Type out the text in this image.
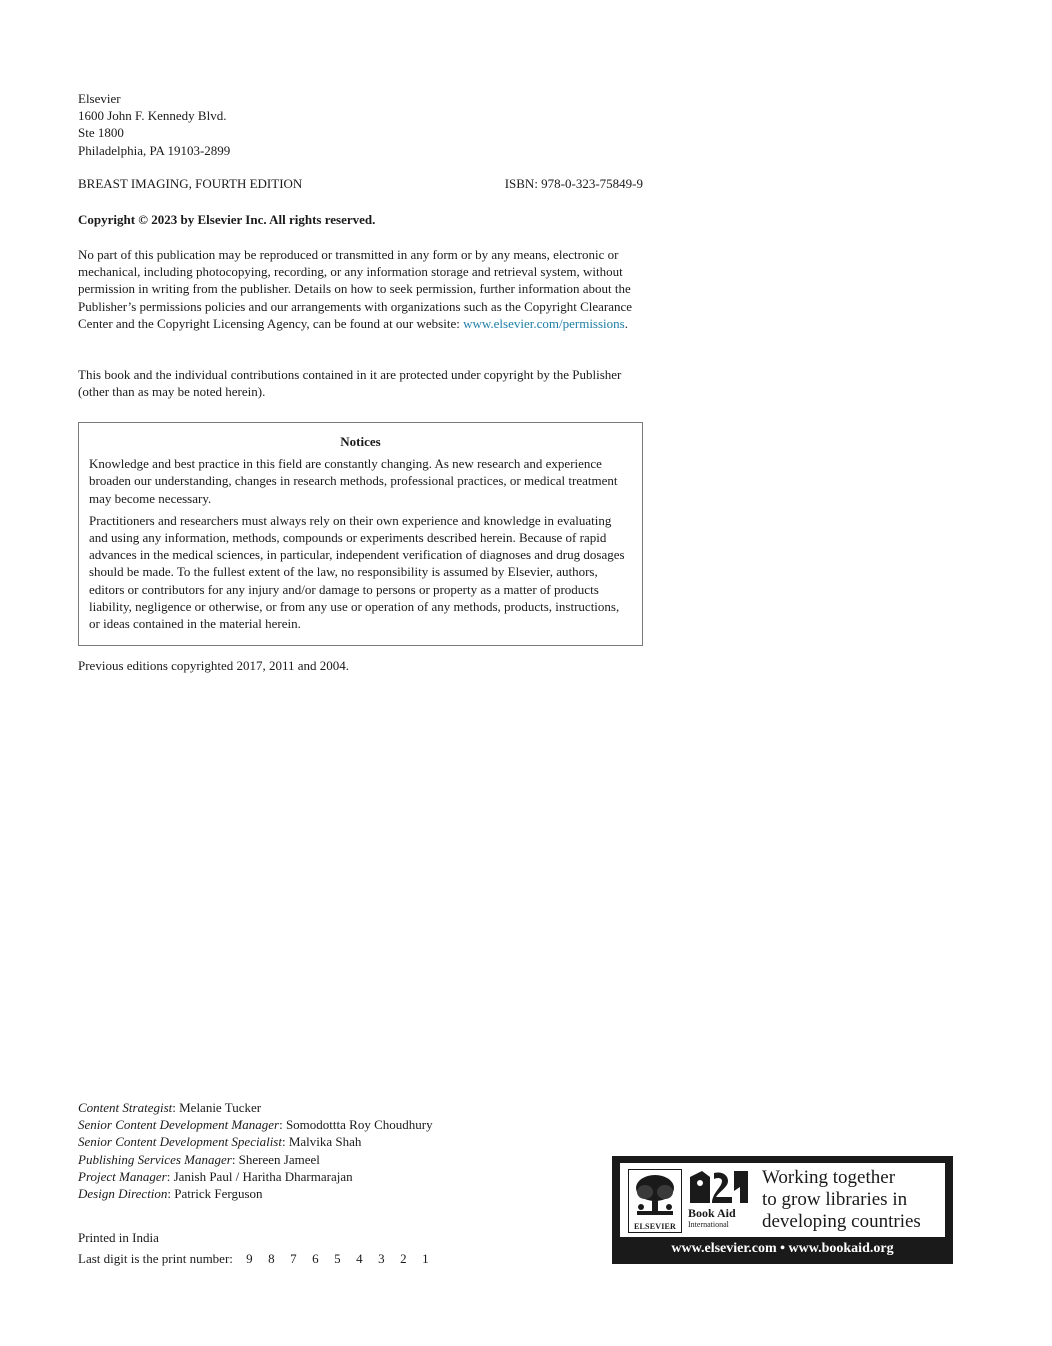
Elsevier
1600 John F. Kennedy Blvd.
Ste 1800
Philadelphia, PA 19103-2899
BREAST IMAGING, FOURTH EDITION	ISBN: 978-0-323-75849-9
Copyright © 2023 by Elsevier Inc. All rights reserved.
No part of this publication may be reproduced or transmitted in any form or by any means, electronic or mechanical, including photocopying, recording, or any information storage and retrieval system, without permission in writing from the publisher. Details on how to seek permission, further information about the Publisher’s permissions policies and our arrangements with organizations such as the Copyright Clearance Center and the Copyright Licensing Agency, can be found at our website: www.elsevier.com/permissions.
This book and the individual contributions contained in it are protected under copyright by the Publisher (other than as may be noted herein).
Notices

Knowledge and best practice in this field are constantly changing. As new research and experience broaden our understanding, changes in research methods, professional practices, or medical treatment may become necessary.

Practitioners and researchers must always rely on their own experience and knowledge in evaluating and using any information, methods, compounds or experiments described herein. Because of rapid advances in the medical sciences, in particular, independent verification of diagnoses and drug dosages should be made. To the fullest extent of the law, no responsibility is assumed by Elsevier, authors, editors or contributors for any injury and/or damage to persons or property as a matter of products liability, negligence or otherwise, or from any use or operation of any methods, products, instructions, or ideas contained in the material herein.

Previous editions copyrighted 2017, 2011 and 2004.
Content Strategist: Melanie Tucker
Senior Content Development Manager: Somodottta Roy Choudhury
Senior Content Development Specialist: Malvika Shah
Publishing Services Manager: Shereen Jameel
Project Manager: Janish Paul / Haritha Dharmarajan
Design Direction: Patrick Ferguson
Printed in India
Last digit is the print number: 9 8 7 6 5 4 3 2 1
ELSEVIER
Book Aid
International
Working together
to grow libraries in
developing countries
www.elsevier.com • www.bookaid.org
